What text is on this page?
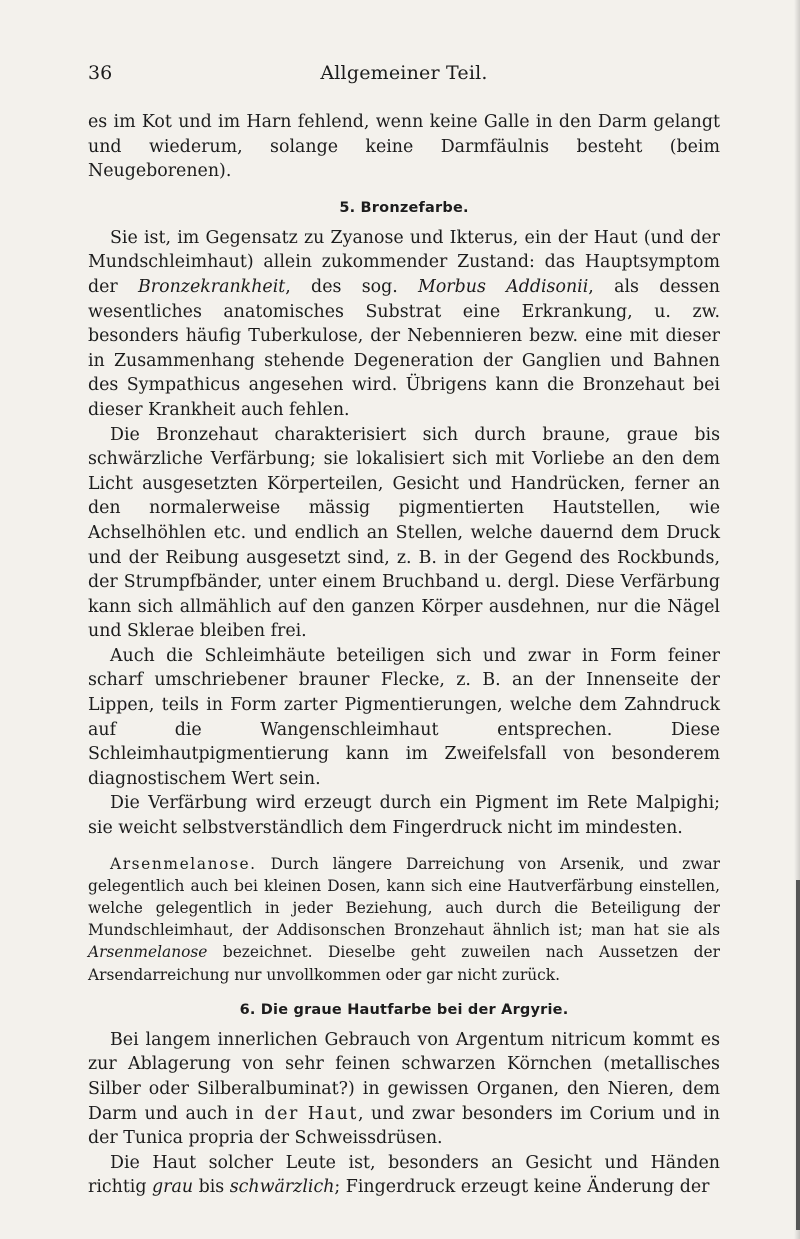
36	Allgemeiner Teil.

es im Kot und im Harn fehlend, wenn keine Galle in den Darm gelangt und wiederum, solange keine Darmfäulnis besteht (beim Neugeborenen).

5. Bronzefarbe.

Sie ist, im Gegensatz zu Zyanose und Ikterus, ein der Haut (und der Mundschleimhaut) allein zukommender Zustand: das Hauptsymptom der Bronzekrankheit, des sog. Morbus Addisonii, als dessen wesentliches anatomisches Substrat eine Erkrankung, u. zw. besonders häufig Tuberkulose, der Nebennieren bezw. eine mit dieser in Zusammenhang stehende Degeneration der Ganglien und Bahnen des Sympathicus angesehen wird. Übrigens kann die Bronzehaut bei dieser Krankheit auch fehlen.

Die Bronzehaut charakterisiert sich durch braune, graue bis schwärzliche Verfärbung; sie lokalisiert sich mit Vorliebe an den dem Licht ausgesetzten Körperteilen, Gesicht und Handrücken, ferner an den normalerweise mässig pigmentierten Hautstellen, wie Achselhöhlen etc. und endlich an Stellen, welche dauernd dem Druck und der Reibung ausgesetzt sind, z. B. in der Gegend des Rockbunds, der Strumpfbänder, unter einem Bruchband u. dergl. Diese Verfärbung kann sich allmählich auf den ganzen Körper ausdehnen, nur die Nägel und Sklerae bleiben frei.

Auch die Schleimhäute beteiligen sich und zwar in Form feiner scharf umschriebener brauner Flecke, z. B. an der Innenseite der Lippen, teils in Form zarter Pigmentierungen, welche dem Zahndruck auf die Wangenschleimhaut entsprechen. Diese Schleimhautpigmentierung kann im Zweifelsfall von besonderem diagnostischem Wert sein.

Die Verfärbung wird erzeugt durch ein Pigment im Rete Malpighi; sie weicht selbstverständlich dem Fingerdruck nicht im mindesten.

Arsenmelanose. Durch längere Darreichung von Arsenik, und zwar gelegentlich auch bei kleinen Dosen, kann sich eine Hautverfärbung einstellen, welche gelegentlich in jeder Beziehung, auch durch die Beteiligung der Mundschleimhaut, der Addisonschen Bronzehaut ähnlich ist; man hat sie als Arsenmelanose bezeichnet. Dieselbe geht zuweilen nach Aussetzen der Arsendarreichung nur unvollkommen oder gar nicht zurück.

6. Die graue Hautfarbe bei der Argyrie.

Bei langem innerlichen Gebrauch von Argentum nitricum kommt es zur Ablagerung von sehr feinen schwarzen Körnchen (metallisches Silber oder Silberalbuminat?) in gewissen Organen, den Nieren, dem Darm und auch in der Haut, und zwar besonders im Corium und in der Tunica propria der Schweissdrüsen.

Die Haut solcher Leute ist, besonders an Gesicht und Händen richtig grau bis schwärzlich; Fingerdruck erzeugt keine Änderung der
